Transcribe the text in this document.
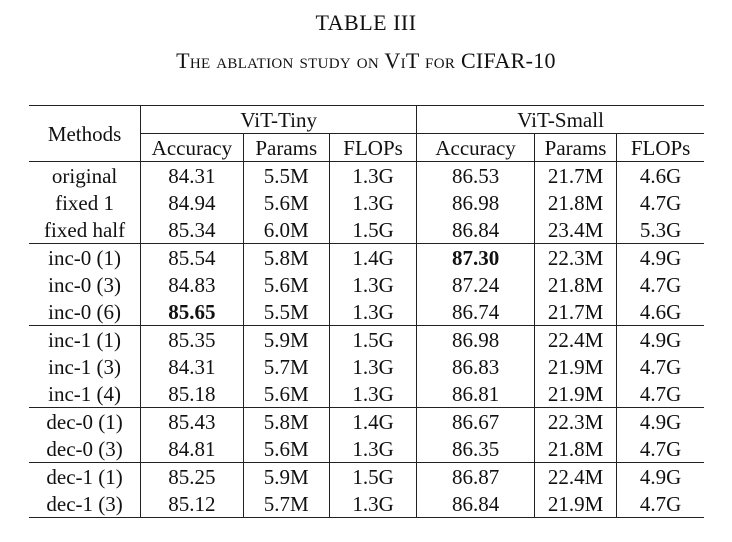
TABLE III
The ablation study on ViT for CIFAR-10
Methods	ViT-Tiny			ViT-Small		
	Accuracy	Params	FLOPs	Accuracy	Params	FLOPs
original	84.31	5.5M	1.3G	86.53	21.7M	4.6G
fixed 1	84.94	5.6M	1.3G	86.98	21.8M	4.7G
fixed half	85.34	6.0M	1.5G	86.84	23.4M	5.3G
inc-0 (1)	85.54	5.8M	1.4G	87.30	22.3M	4.9G
inc-0 (3)	84.83	5.6M	1.3G	87.24	21.8M	4.7G
inc-0 (6)	85.65	5.5M	1.3G	86.74	21.7M	4.6G
inc-1 (1)	85.35	5.9M	1.5G	86.98	22.4M	4.9G
inc-1 (3)	84.31	5.7M	1.3G	86.83	21.9M	4.7G
inc-1 (4)	85.18	5.6M	1.3G	86.81	21.9M	4.7G
dec-0 (1)	85.43	5.8M	1.4G	86.67	22.3M	4.9G
dec-0 (3)	84.81	5.6M	1.3G	86.35	21.8M	4.7G
dec-1 (1)	85.25	5.9M	1.5G	86.87	22.4M	4.9G
dec-1 (3)	85.12	5.7M	1.3G	86.84	21.9M	4.7G
